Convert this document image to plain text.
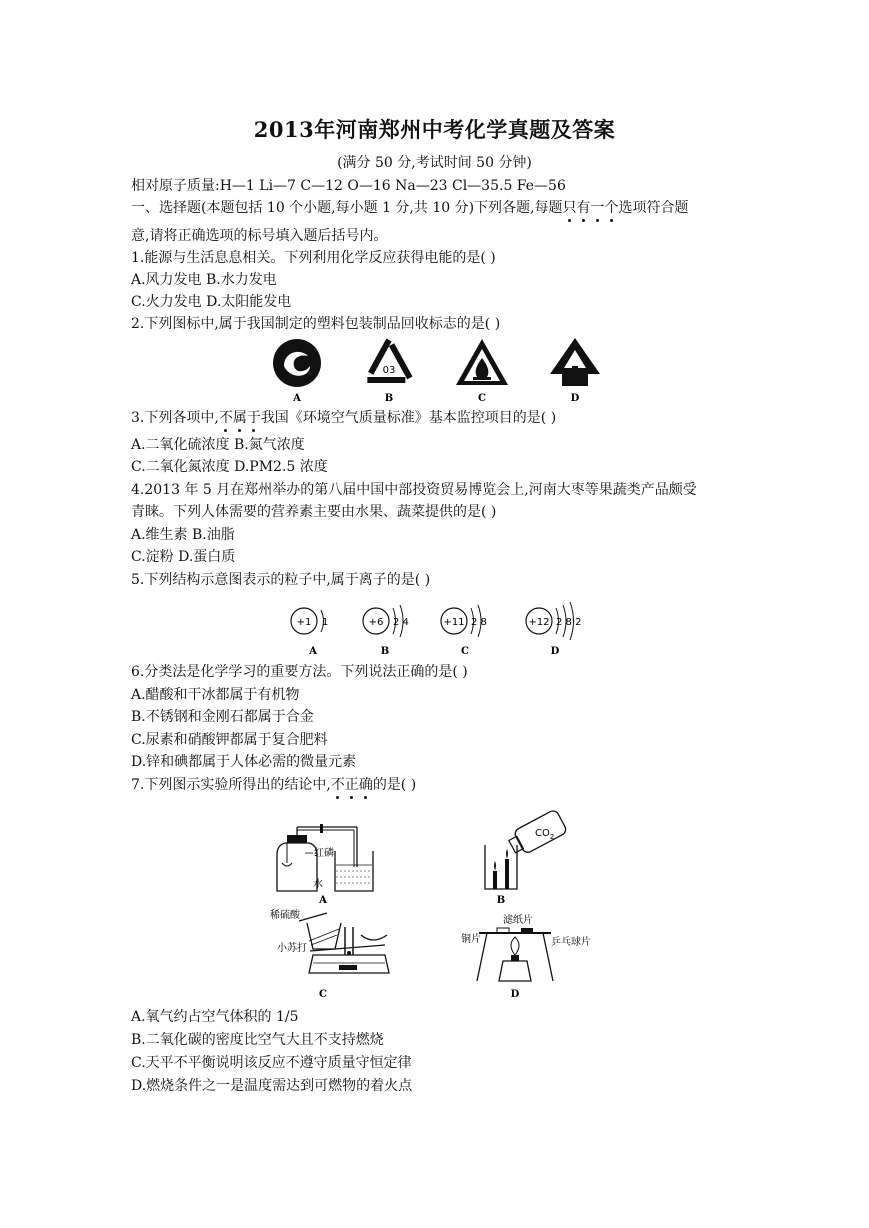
2013年河南郑州中考化学真题及答案
(满分 50 分,考试时间 50 分钟)
相对原子质量:H—1 Li—7 C—12 O—16 Na—23 Cl—35.5 Fe—56
一、选择题(本题包括 10 个小题,每小题 1 分,共 10 分)下列各题,每题只
有
一
个
选项符合题
意,请将正确选项的标号填入题后括号内。
1.能源与生活息息相关。下列利用化学反应获得电能的是( )
A.风力发电 B.水力发电
C.火力发电 D.太阳能发电
2.下列图标中,属于我国制定的塑料包装制品回收标志的是( )
03
A	B	C	D
3.下列各项中,不
属
于
我国《环境空气质量标准》基本监控项目的是( )
A.二氧化硫浓度 B.氮气浓度
C.二氧化氮浓度 D.PM2.5 浓度
4.2013 年 5 月在郑州举办的第八届中国中部投资贸易博览会上,河南大枣等果蔬类产品颇受
青睐。下列人体需要的营养素主要由水果、蔬菜提供的是( )
A.维生素 B.油脂
C.淀粉 D.蛋白质
5.下列结构示意图表示的粒子中,属于离子的是( )
+1 1	+6 2 4	+11 2 8	+12 2 8 2
A	B	C	D
6.分类法是化学学习的重要方法。下列说法正确的是( )
A.醋酸和干冰都属于有机物
B.不锈钢和金刚石都属于合金
C.尿素和硝酸钾都属于复合肥料
D.锌和碘都属于人体必需的微量元素
7.下列图示实验所得出的结论中,不
正
确
的是( )
红磷
水
A
$CO_2$
B
稀硫酸
小苏打
C
滤纸片
铜片	乒乓球片
D
A.氧气约占空气体积的 1/5
B.二氧化碳的密度比空气大且不支持燃烧
C.天平不平衡说明该反应不遵守质量守恒定律
D.燃烧条件之一是温度需达到可燃物的着火点
